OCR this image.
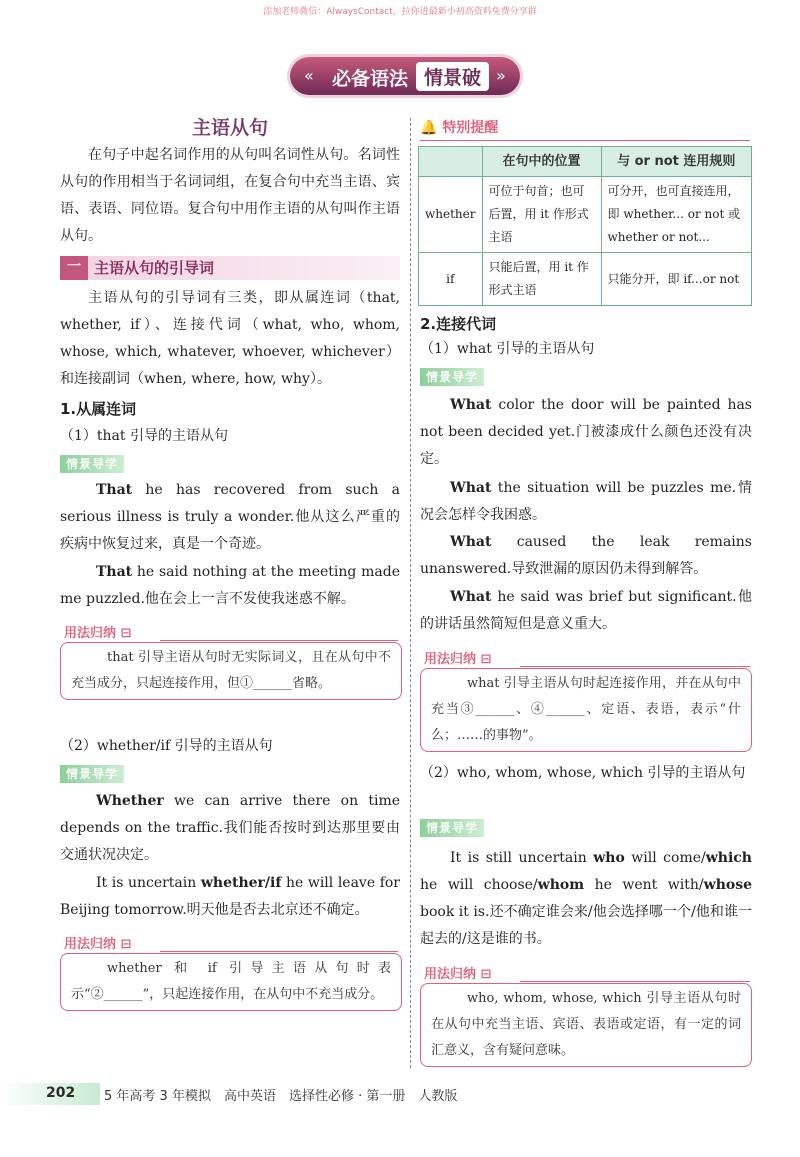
添加老师微信：AlwaysContact，拉你进最新小初高资料免费分享群
« 必备语法 情景破 »
主语从句
在句子中起名词作用的从句叫名词性从句。名词性从句的作用相当于名词词组，在复合句中充当主语、宾语、表语、同位语。复合句中用作主语的从句叫作主语从句。
一 主语从句的引导词
主语从句的引导词有三类，即从属连词（that, whether, if）、连接代词（what, who, whom, whose, which, whatever, whoever, whichever）和连接副词（when, where, how, why）。
1.从属连词
（1）that 引导的主语从句
情景导学
That he has recovered from such a serious illness is truly a wonder.他从这么严重的疾病中恢复过来，真是一个奇迹。
That he said nothing at the meeting made me puzzled.他在会上一言不发使我迷惑不解。
用法归纳 ⊟
that 引导主语从句时无实际词义，且在从句中不充当成分，只起连接作用，但①______省略。
（2）whether/if 引导的主语从句
情景导学
Whether we can arrive there on time depends on the traffic.我们能否按时到达那里要由交通状况决定。
It is uncertain whether/if he will leave for Beijing tomorrow.明天他是否去北京还不确定。
用法归纳 ⊟
whether 和 if 引导主语从句时表示“②______”，只起连接作用，在从句中不充当成分。
🔔 特别提醒
	在句中的位置	与 or not 连用规则
whether	可位于句首；也可后置，用 it 作形式主语	可分开，也可直接连用，即 whether... or not 或 whether or not...
if	只能后置，用 it 作形式主语	只能分开，即 if...or not
2.连接代词
（1）what 引导的主语从句
情景导学
What color the door will be painted has not been decided yet.门被漆成什么颜色还没有决定。
What the situation will be puzzles me.情况会怎样令我困惑。
What caused the leak remains unanswered.导致泄漏的原因仍未得到解答。
What he said was brief but significant.他的讲话虽然简短但是意义重大。
用法归纳 ⊟
what 引导主语从句时起连接作用，并在从句中充当③______、④______、定语、表语，表示“什么；……的事物”。
（2）who, whom, whose, which 引导的主语从句
情景导学
It is still uncertain who will come/which he will choose/whom he went with/whose book it is.还不确定谁会来/他会选择哪一个/他和谁一起去的/这是谁的书。
用法归纳 ⊟
who, whom, whose, which 引导主语从句时在从句中充当主语、宾语、表语或定语，有一定的词汇意义，含有疑问意味。
202 5 年高考 3 年模拟　高中英语　选择性必修 · 第一册　人教版
